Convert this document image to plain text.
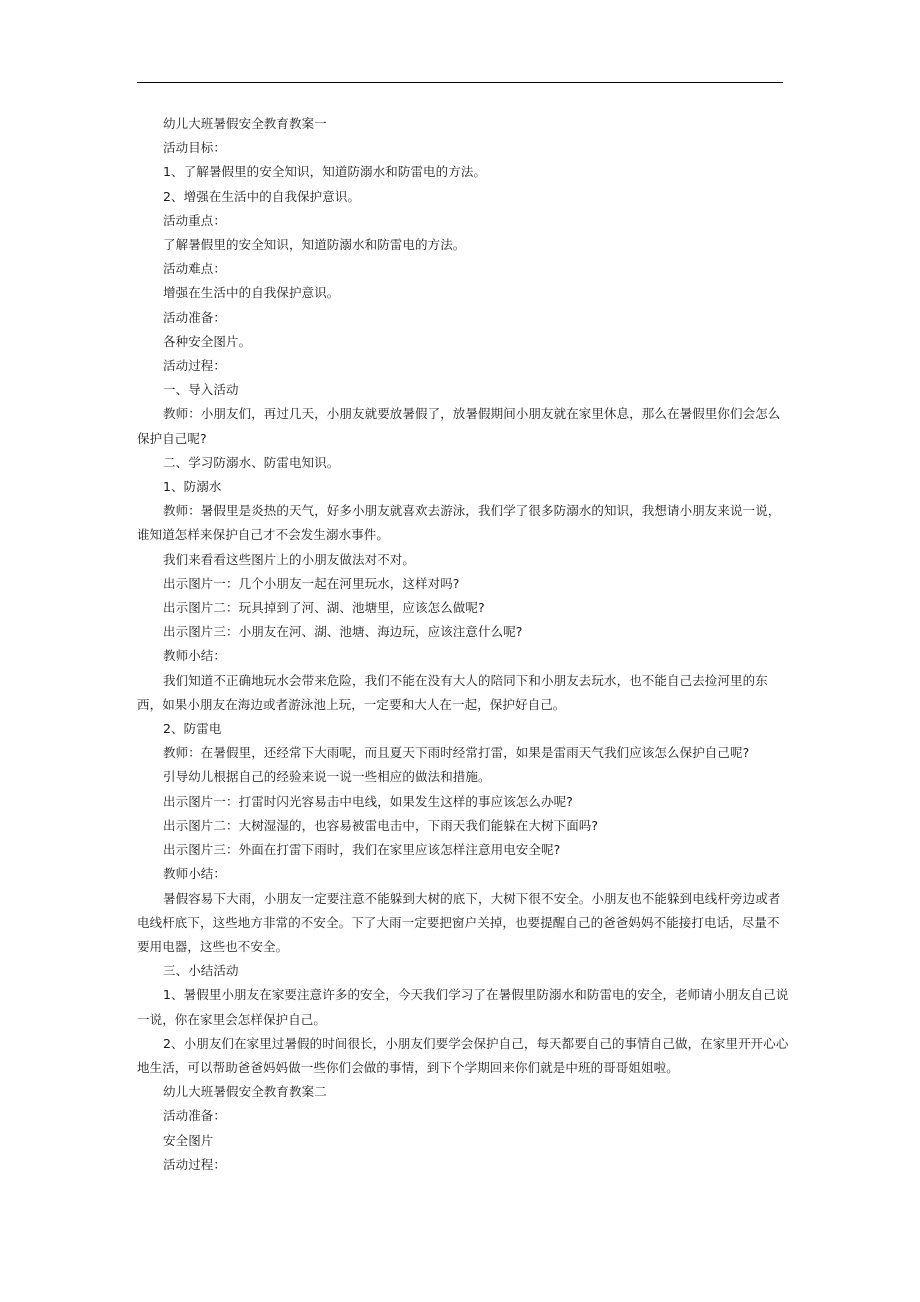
幼儿大班暑假安全教育教案一

活动目标：

1、了解暑假里的安全知识，知道防溺水和防雷电的方法。

2、增强在生活中的自我保护意识。

活动重点：

了解暑假里的安全知识，知道防溺水和防雷电的方法。

活动难点：

增强在生活中的自我保护意识。

活动准备：

各种安全图片。

活动过程：

一、导入活动

教师：小朋友们，再过几天，小朋友就要放暑假了，放暑假期间小朋友就在家里休息，那么在暑假里你们会怎么保护自己呢?

二、学习防溺水、防雷电知识。

1、防溺水

教师：暑假里是炎热的天气，好多小朋友就喜欢去游泳，我们学了很多防溺水的知识，我想请小朋友来说一说，谁知道怎样来保护自己才不会发生溺水事件。

我们来看看这些图片上的小朋友做法对不对。

出示图片一：几个小朋友一起在河里玩水，这样对吗?

出示图片二：玩具掉到了河、湖、池塘里，应该怎么做呢?

出示图片三：小朋友在河、湖、池塘、海边玩，应该注意什么呢?

教师小结：

我们知道不正确地玩水会带来危险，我们不能在没有大人的陪同下和小朋友去玩水，也不能自己去捡河里的东西，如果小朋友在海边或者游泳池上玩，一定要和大人在一起，保护好自己。

2、防雷电

教师：在暑假里，还经常下大雨呢，而且夏天下雨时经常打雷，如果是雷雨天气我们应该怎么保护自己呢?

引导幼儿根据自己的经验来说一说一些相应的做法和措施。

出示图片一：打雷时闪光容易击中电线，如果发生这样的事应该怎么办呢?

出示图片二：大树湿湿的，也容易被雷电击中，下雨天我们能躲在大树下面吗?

出示图片三：外面在打雷下雨时，我们在家里应该怎样注意用电安全呢?

教师小结：

暑假容易下大雨，小朋友一定要注意不能躲到大树的底下，大树下很不安全。小朋友也不能躲到电线杆旁边或者电线杆底下，这些地方非常的不安全。下了大雨一定要把窗户关掉，也要提醒自己的爸爸妈妈不能接打电话，尽量不要用电器，这些也不安全。

三、小结活动

1、暑假里小朋友在家要注意许多的安全，今天我们学习了在暑假里防溺水和防雷电的安全，老师请小朋友自己说一说，你在家里会怎样保护自己。

2、小朋友们在家里过暑假的时间很长，小朋友们要学会保护自己，每天都要自己的事情自己做，在家里开开心心地生活，可以帮助爸爸妈妈做一些你们会做的事情，到下个学期回来你们就是中班的哥哥姐姐啦。

幼儿大班暑假安全教育教案二

活动准备：

安全图片

活动过程：
